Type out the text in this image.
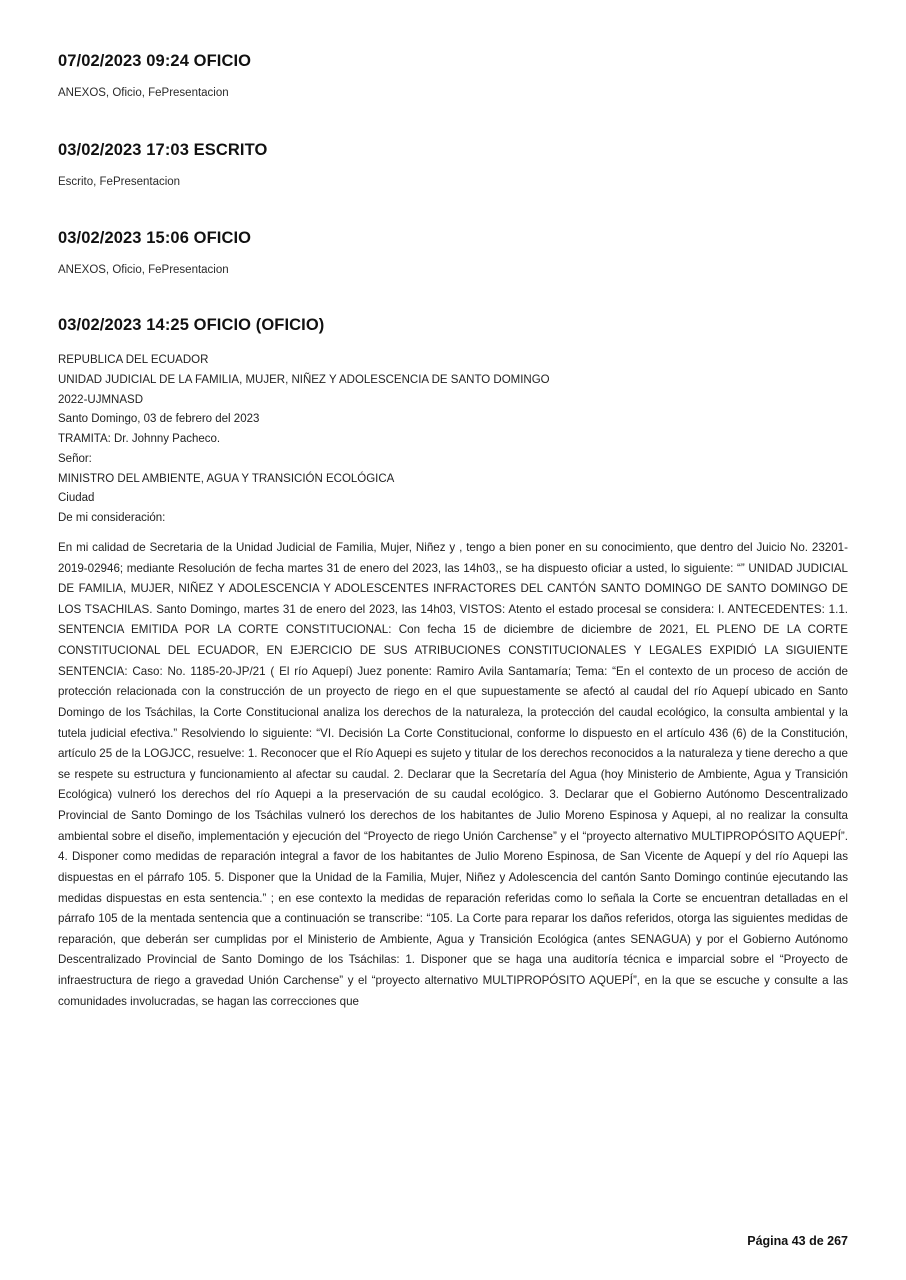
07/02/2023 09:24 OFICIO
ANEXOS, Oficio, FePresentacion
03/02/2023 17:03 ESCRITO
Escrito, FePresentacion
03/02/2023 15:06 OFICIO
ANEXOS, Oficio, FePresentacion
03/02/2023 14:25 OFICIO (OFICIO)
REPUBLICA DEL ECUADOR
UNIDAD JUDICIAL DE LA FAMILIA, MUJER, NIÑEZ Y ADOLESCENCIA DE SANTO DOMINGO
2022-UJMNASD
Santo Domingo, 03 de febrero del 2023
TRAMITA: Dr. Johnny Pacheco.
Señor:
MINISTRO DEL AMBIENTE, AGUA Y TRANSICIÓN ECOLÓGICA
Ciudad
De mi consideración:

En mi calidad de Secretaria de la Unidad Judicial de Familia, Mujer, Niñez y , tengo a bien poner en su conocimiento, que dentro del Juicio No. 23201-2019-02946; mediante Resolución de fecha martes 31 de enero del 2023, las 14h03,, se ha dispuesto oficiar a usted, lo siguiente: “” UNIDAD JUDICIAL DE FAMILIA, MUJER, NIÑEZ Y ADOLESCENCIA Y ADOLESCENTES INFRACTORES DEL CANTÓN SANTO DOMINGO DE SANTO DOMINGO DE LOS TSACHILAS. Santo Domingo, martes 31 de enero del 2023, las 14h03, VISTOS: Atento el estado procesal se considera: I. ANTECEDENTES: 1.1. SENTENCIA EMITIDA POR LA CORTE CONSTITUCIONAL: Con fecha 15 de diciembre de diciembre de 2021, EL PLENO DE LA CORTE CONSTITUCIONAL DEL ECUADOR, EN EJERCICIO DE SUS ATRIBUCIONES CONSTITUCIONALES Y LEGALES EXPIDIÓ LA SIGUIENTE SENTENCIA: Caso: No. 1185-20-JP/21 ( El río Aquepí) Juez ponente: Ramiro Avila Santamaría; Tema: “En el contexto de un proceso de acción de protección relacionada con la construcción de un proyecto de riego en el que supuestamente se afectó al caudal del río Aquepí ubicado en Santo Domingo de los Tsáchilas, la Corte Constitucional analiza los derechos de la naturaleza, la protección del caudal ecológico, la consulta ambiental y la tutela judicial efectiva.” Resolviendo lo siguiente: “VI. Decisión La Corte Constitucional, conforme lo dispuesto en el artículo 436 (6) de la Constitución, artículo 25 de la LOGJCC, resuelve: 1. Reconocer que el Río Aquepi es sujeto y titular de los derechos reconocidos a la naturaleza y tiene derecho a que se respete su estructura y funcionamiento al afectar su caudal. 2. Declarar que la Secretaría del Agua (hoy Ministerio de Ambiente, Agua y Transición Ecológica) vulneró los derechos del río Aquepi a la preservación de su caudal ecológico. 3. Declarar que el Gobierno Autónomo Descentralizado Provincial de Santo Domingo de los Tsáchilas vulneró los derechos de los habitantes de Julio Moreno Espinosa y Aquepi, al no realizar la consulta ambiental sobre el diseño, implementación y ejecución del “Proyecto de riego Unión Carchense” y el “proyecto alternativo MULTIPROPÓSITO AQUEPÍ”. 4. Disponer como medidas de reparación integral a favor de los habitantes de Julio Moreno Espinosa, de San Vicente de Aquepí y del río Aquepi las dispuestas en el párrafo 105. 5. Disponer que la Unidad de la Familia, Mujer, Niñez y Adolescencia del cantón Santo Domingo continúe ejecutando las medidas dispuestas en esta sentencia.” ; en ese contexto la medidas de reparación referidas como lo señala la Corte se encuentran detalladas en el párrafo 105 de la mentada sentencia que a continuación se transcribe: “105. La Corte para reparar los daños referidos, otorga las siguientes medidas de reparación, que deberán ser cumplidas por el Ministerio de Ambiente, Agua y Transición Ecológica (antes SENAGUA) y por el Gobierno Autónomo Descentralizado Provincial de Santo Domingo de los Tsáchilas: 1. Disponer que se haga una auditoría técnica e imparcial sobre el “Proyecto de infraestructura de riego a gravedad Unión Carchense” y el “proyecto alternativo MULTIPROPÓSITO AQUEPÍ”, en la que se escuche y consulte a las comunidades involucradas, se hagan las correcciones que

Página 43 de 267
